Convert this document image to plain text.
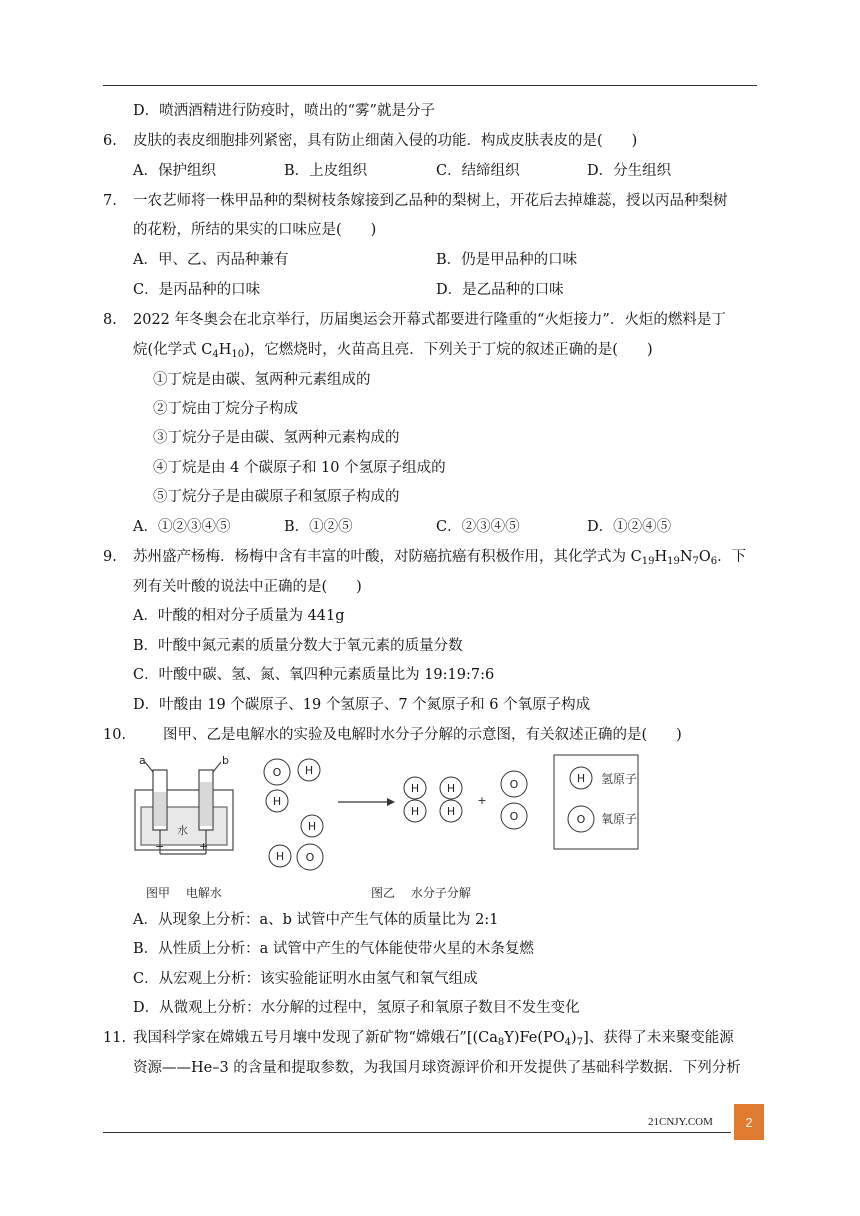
D．喷洒酒精进行防疫时，喷出的“雾”就是分子
6. 皮肤的表皮细胞排列紧密，具有防止细菌入侵的功能．构成皮肤表皮的是(　　)
A．保护组织	B．上皮组织	C．结缔组织	D．分生组织
7. 一农艺师将一株甲品种的梨树枝条嫁接到乙品种的梨树上，开花后去掉雄蕊，授以丙品种梨树
的花粉，所结的果实的口味应是(　　)
A．甲、乙、丙品种兼有	B．仍是甲品种的口味
C．是丙品种的口味	D．是乙品种的口味
8. 2022 年冬奥会在北京举行，历届奥运会开幕式都要进行隆重的“火炬接力”．火炬的燃料是丁
烷(化学式 $C_4H_{10}$)，它燃烧时，火苗高且亮．下列关于丁烷的叙述正确的是(　　)
①丁烷是由碳、氢两种元素组成的
②丁烷由丁烷分子构成
③丁烷分子是由碳、氢两种元素构成的
④丁烷是由 4 个碳原子和 10 个氢原子组成的
⑤丁烷分子是由碳原子和氢原子构成的
A．①②③④⑤	B．①②⑤	C．②③④⑤	D．①②④⑤
9. 苏州盛产杨梅．杨梅中含有丰富的叶酸，对防癌抗癌有积极作用，其化学式为 $C_{19}H_{19}N_7O_6$．下
列有关叶酸的说法中正确的是(　　)
A．叶酸的相对分子质量为 441g
B．叶酸中氮元素的质量分数大于氧元素的质量分数
C．叶酸中碳、氢、氮、氧四种元素质量比为 19:19:7:6
D．叶酸由 19 个碳原子、19 个氢原子、7 个氮原子和 6 个氧原子构成
10.	图甲、乙是电解水的实验及电解时水分子分解的示意图，有关叙述正确的是(　　)
a	b
水
−	+
O H
H
H
H O
H
H
H
H
O
O
+
H
O
氢原子
氧原子
图甲　 电解水	图乙　 水分子分解
A．从现象上分析：a、b 试管中产生气体的质量比为 2:1
B．从性质上分析：a 试管中产生的气体能使带火星的木条复燃
C．从宏观上分析：该实验能证明水由氢气和氧气组成
D．从微观上分析：水分解的过程中，氢原子和氧原子数目不发生变化
11. 我国科学家在嫦娥五号月壤中发现了新矿物“嫦娥石$”[(Ca_8Y)Fe(PO_4)_7]$、获得了未来聚变能源
资源——He–3 的含量和提取参数，为我国月球资源评价和开发提供了基础科学数据．下列分析
21CNJY.COM	2
